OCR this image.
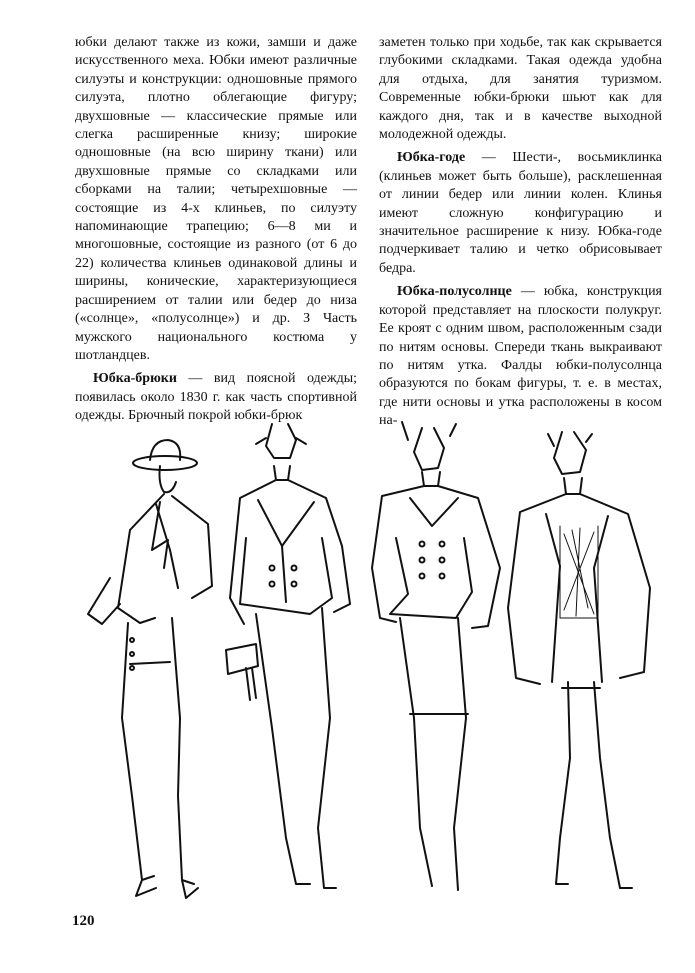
юбки делают также из кожи, замши и даже искусственного меха. Юбки имеют различные силуэты и конструкции: одношовные прямого силуэта, плотно облегающие фигуру; двухшовные — классические прямые или слегка расширенные книзу; широкие одношовные (на всю ширину ткани) или двухшовные прямые со складками или сборками на талии; четырехшовные — состоящие из 4-х клиньев, по силуэту напоминающие трапецию; 6—8 ми и многошовные, состоящие из разного (от 6 до 22) количества клиньев одинаковой длины и ширины, конические, характеризующиеся расширением от талии или бедер до низа («солнце», «полусолнце») и др. З Часть мужского национального костюма у шотландцев.

Юбка-брюки — вид поясной одежды; появилась около 1830 г. как часть спортивной одежды. Брючный покрой юбки-брюк

заметен только при ходьбе, так как скрывается глубокими складками. Такая одежда удобна для отдыха, для занятия туризмом. Современные юбки-брюки шьют как для каждого дня, так и в качестве выходной молодежной одежды.

Юбка-годе — Шести-, восьмиклинка (клиньев может быть больше), расклешенная от линии бедер или линии колен. Клинья имеют сложную конфигурацию и значительное расширение к низу. Юбка-годе подчеркивает талию и четко обрисовывает бедра.

Юбка-полусолнце — юбка, конструкция которой представляет на плоскости полукруг. Ее кроят с одним швом, расположенным сзади по нитям основы. Спереди ткань выкраивают по нитям утка. Фалды юбки-полусолнца образуются по бокам фигуры, т. е. в местах, где нити основы и утка расположены в косом на-

120
